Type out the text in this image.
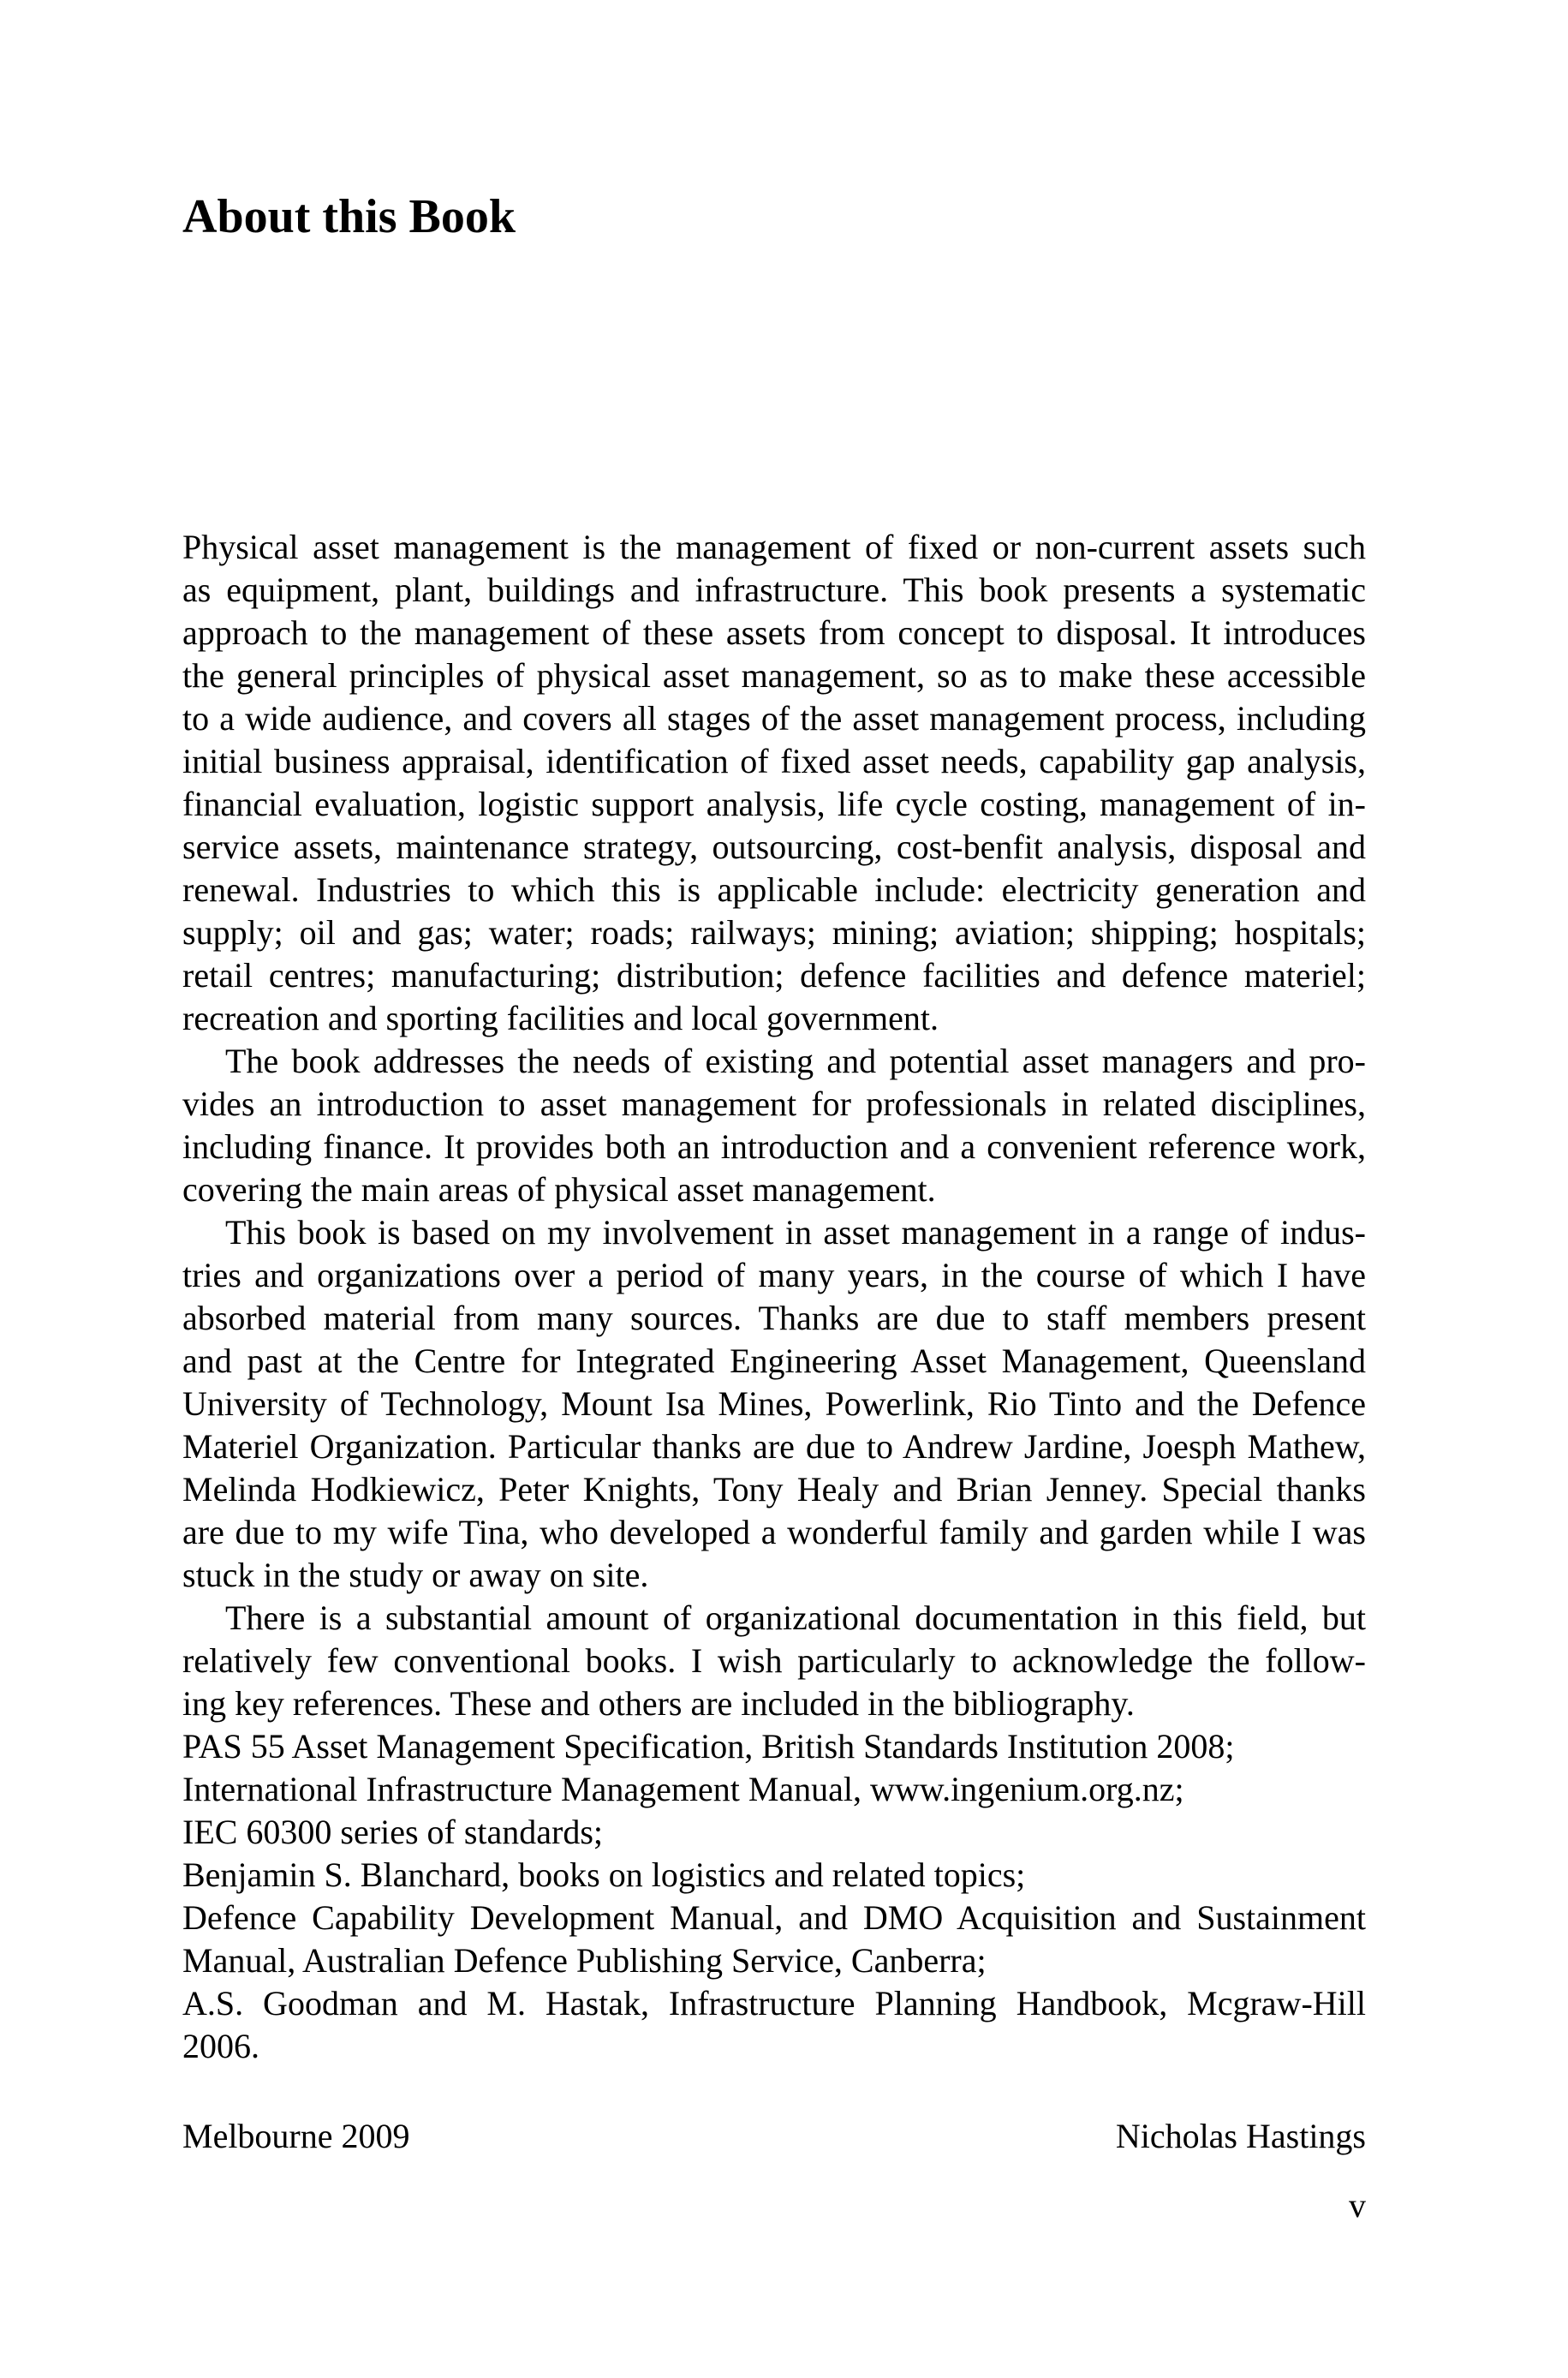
About this Book
Physical asset management is the management of fixed or non-current assets such
as equipment, plant, buildings and infrastructure. This book presents a systematic
approach to the management of these assets from concept to disposal. It introduces
the general principles of physical asset management, so as to make these accessible
to a wide audience, and covers all stages of the asset management process, including
initial business appraisal, identification of fixed asset needs, capability gap analysis,
financial evaluation, logistic support analysis, life cycle costing, management of in-
service assets, maintenance strategy, outsourcing, cost-benfit analysis, disposal and
renewal. Industries to which this is applicable include: electricity generation and
supply; oil and gas; water; roads; railways; mining; aviation; shipping; hospitals;
retail centres; manufacturing; distribution; defence facilities and defence materiel;
recreation and sporting facilities and local government.
The book addresses the needs of existing and potential asset managers and pro-
vides an introduction to asset management for professionals in related disciplines,
including finance. It provides both an introduction and a convenient reference work,
covering the main areas of physical asset management.
This book is based on my involvement in asset management in a range of indus-
tries and organizations over a period of many years, in the course of which I have
absorbed material from many sources. Thanks are due to staff members present
and past at the Centre for Integrated Engineering Asset Management, Queensland
University of Technology, Mount Isa Mines, Powerlink, Rio Tinto and the Defence
Materiel Organization. Particular thanks are due to Andrew Jardine, Joesph Mathew,
Melinda Hodkiewicz, Peter Knights, Tony Healy and Brian Jenney. Special thanks
are due to my wife Tina, who developed a wonderful family and garden while I was
stuck in the study or away on site.
There is a substantial amount of organizational documentation in this field, but
relatively few conventional books. I wish particularly to acknowledge the follow-
ing key references. These and others are included in the bibliography.
PAS 55 Asset Management Specification, British Standards Institution 2008;
International Infrastructure Management Manual, www.ingenium.org.nz;
IEC 60300 series of standards;
Benjamin S. Blanchard, books on logistics and related topics;
Defence Capability Development Manual, and DMO Acquisition and Sustainment
Manual, Australian Defence Publishing Service, Canberra;
A.S. Goodman and M. Hastak, Infrastructure Planning Handbook, Mcgraw-Hill
2006.
Melbourne 2009	Nicholas Hastings
v
